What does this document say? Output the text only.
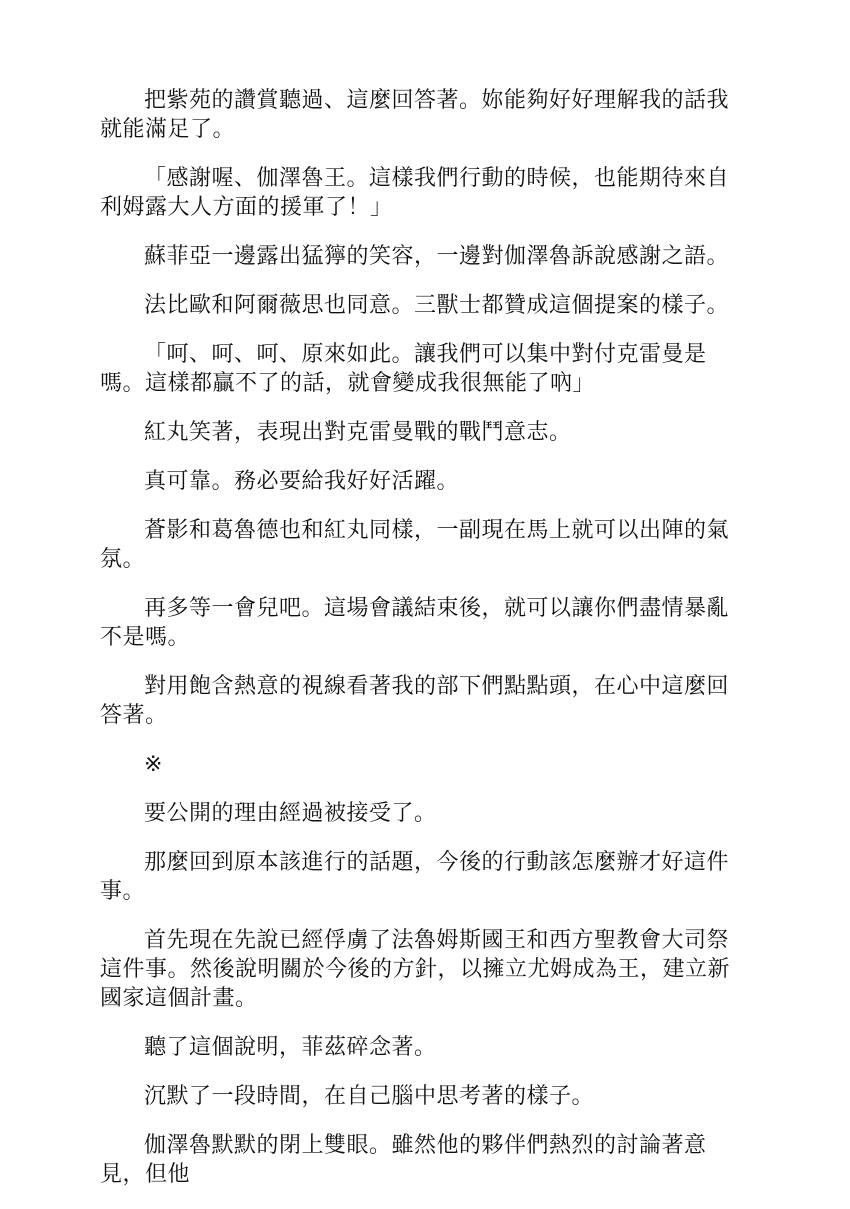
把紫苑的讚賞聽過、這麼回答著。妳能夠好好理解我的話我就能滿足了。

「感謝喔、伽澤魯王。這樣我們行動的時候，也能期待來自利姆露大人方面的援軍了！」

蘇菲亞一邊露出猛獰的笑容，一邊對伽澤魯訴說感謝之語。

法比歐和阿爾薇思也同意。三獸士都贊成這個提案的樣子。

「呵、呵、呵、原來如此。讓我們可以集中對付克雷曼是嗎。這樣都贏不了的話，就會變成我很無能了吶」

紅丸笑著，表現出對克雷曼戰的戰鬥意志。

真可靠。務必要給我好好活躍。

蒼影和葛魯德也和紅丸同樣，一副現在馬上就可以出陣的氣氛。

再多等一會兒吧。這場會議結束後，就可以讓你們盡情暴亂不是嗎。

對用飽含熱意的視線看著我的部下們點點頭，在心中這麼回答著。

※

要公開的理由經過被接受了。

那麼回到原本該進行的話題，今後的行動該怎麼辦才好這件事。

首先現在先說已經俘虜了法魯姆斯國王和西方聖教會大司祭這件事。然後說明關於今後的方針，以擁立尤姆成為王，建立新國家這個計畫。

聽了這個說明，菲茲碎念著。

沉默了一段時間，在自己腦中思考著的樣子。

伽澤魯默默的閉上雙眼。雖然他的夥伴們熱烈的討論著意見，但他
